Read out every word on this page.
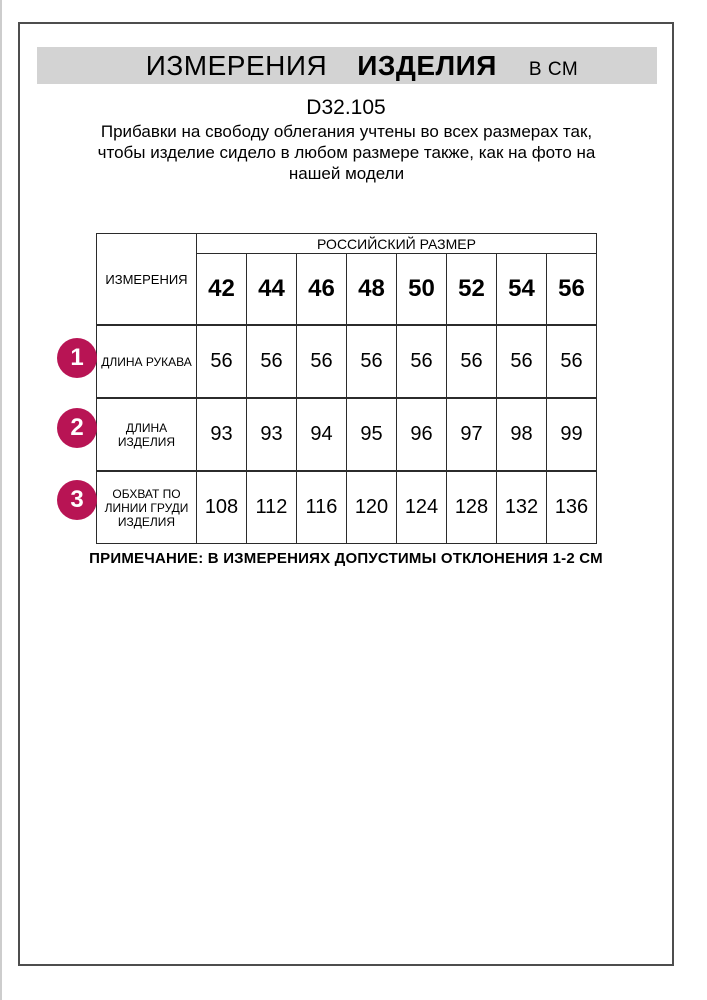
ИЗМЕРЕНИЯ ИЗДЕЛИЯ В СМ
D32.105
Прибавки на свободу облегания учтены во всех размерах так, чтобы изделие сидело в любом размере также, как на фото на нашей модели
ИЗМЕРЕНИЯ	РОССИЙСКИЙ РАЗМЕР							
	42	44	46	48	50	52	54	56
ДЛИНА РУКАВА	56	56	56	56	56	56	56	56
ДЛИНА ИЗДЕЛИЯ	93	93	94	95	96	97	98	99
ОБХВАТ ПО ЛИНИИ ГРУДИ ИЗДЕЛИЯ	108	112	116	120	124	128	132	136
1
2
3
ПРИМЕЧАНИЕ: В ИЗМЕРЕНИЯХ ДОПУСТИМЫ ОТКЛОНЕНИЯ 1-2 СМ
